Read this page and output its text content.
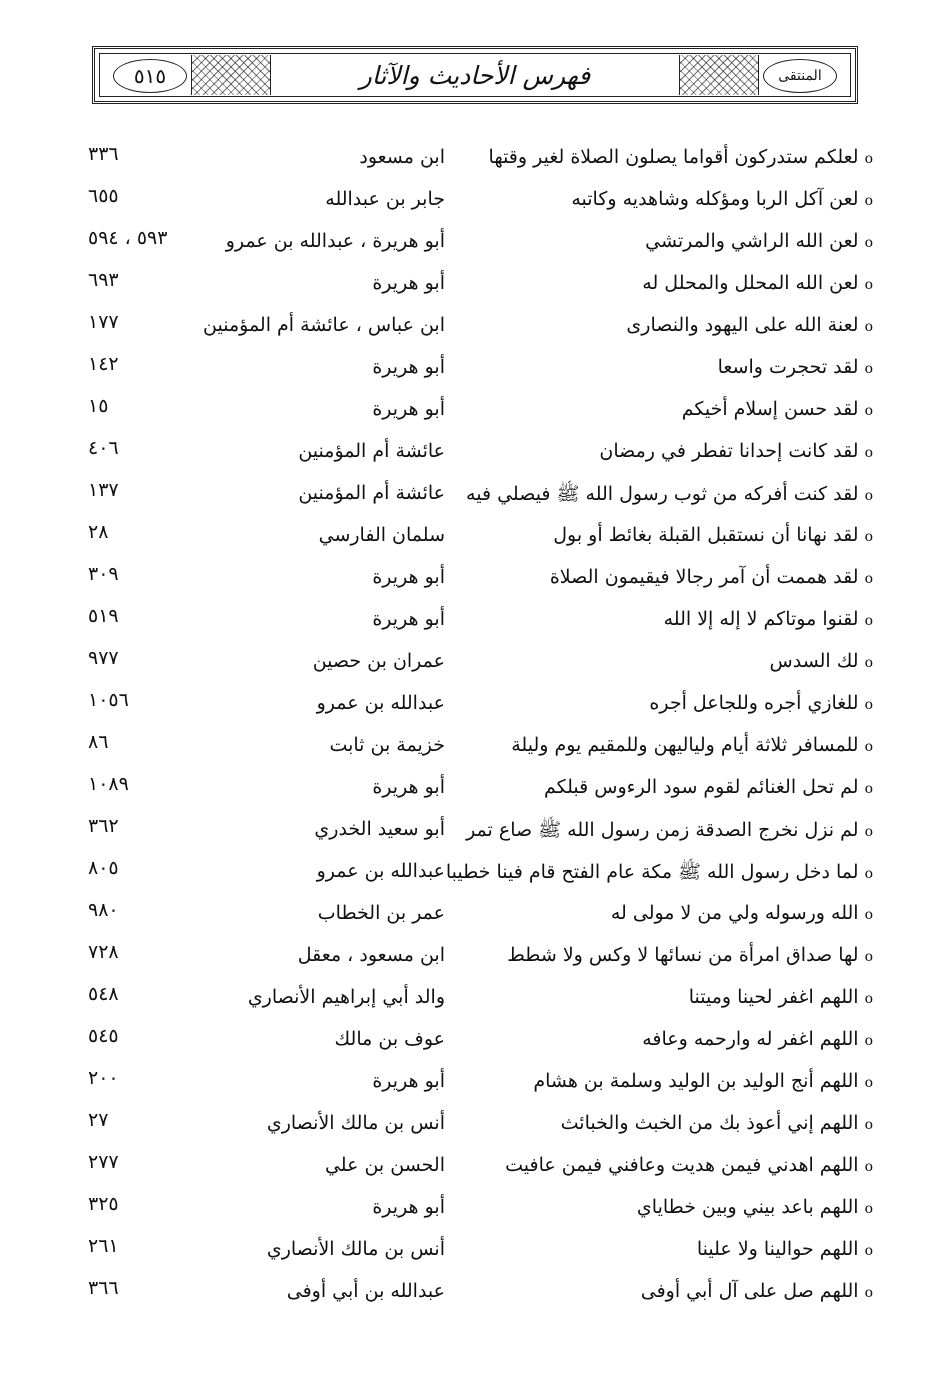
٥١٥	فهرس الأحاديث والآثار	المنتقى
oلعلكم ستدركون أقواما يصلون الصلاة لغير وقتها
ابن مسعود
٣٣٦
oلعن آكل الربا ومؤكله وشاهديه وكاتبه
جابر بن عبدالله
٦٥٥
oلعن الله الراشي والمرتشي
أبو هريرة ، عبدالله بن عمرو
٥٩٣ ، ٥٩٤
oلعن الله المحلل والمحلل له
أبو هريرة
٦٩٣
oلعنة الله على اليهود والنصارى
ابن عباس ، عائشة أم المؤمنين
١٧٧
oلقد تحجرت واسعا
أبو هريرة
١٤٢
oلقد حسن إسلام أخيكم
أبو هريرة
١٥
oلقد كانت إحدانا تفطر في رمضان
عائشة أم المؤمنين
٤٠٦
oلقد كنت أفركه من ثوب رسول الله ﷺ فيصلي فيه
عائشة أم المؤمنين
١٣٧
oلقد نهانا أن نستقبل القبلة بغائط أو بول
سلمان الفارسي
٢٨
oلقد هممت أن آمر رجالا فيقيمون الصلاة
أبو هريرة
٣٠٩
oلقنوا موتاكم لا إله إلا الله
أبو هريرة
٥١٩
oلك السدس
عمران بن حصين
٩٧٧
oللغازي أجره وللجاعل أجره
عبدالله بن عمرو
١٠٥٦
oللمسافر ثلاثة أيام ولياليهن وللمقيم يوم وليلة
خزيمة بن ثابت
٨٦
oلم تحل الغنائم لقوم سود الرءوس قبلكم
أبو هريرة
١٠٨٩
oلم نزل نخرج الصدقة زمن رسول الله ﷺ صاع تمر
أبو سعيد الخدري
٣٦٢
oلما دخل رسول الله ﷺ مكة عام الفتح قام فينا خطيبا
عبدالله بن عمرو
٨٠٥
oالله ورسوله ولي من لا مولى له
عمر بن الخطاب
٩٨٠
oلها صداق امرأة من نسائها لا وكس ولا شطط
ابن مسعود ، معقل
٧٢٨
oاللهم اغفر لحينا وميتنا
والد أبي إبراهيم الأنصاري
٥٤٨
oاللهم اغفر له وارحمه وعافه
عوف بن مالك
٥٤٥
oاللهم أنج الوليد بن الوليد وسلمة بن هشام
أبو هريرة
٢٠٠
oاللهم إني أعوذ بك من الخبث والخبائث
أنس بن مالك الأنصاري
٢٧
oاللهم اهدني فيمن هديت وعافني فيمن عافيت
الحسن بن علي
٢٧٧
oاللهم باعد بيني وبين خطاياي
أبو هريرة
٣٢٥
oاللهم حوالينا ولا علينا
أنس بن مالك الأنصاري
٢٦١
oاللهم صل على آل أبي أوفى
عبدالله بن أبي أوفى
٣٦٦
